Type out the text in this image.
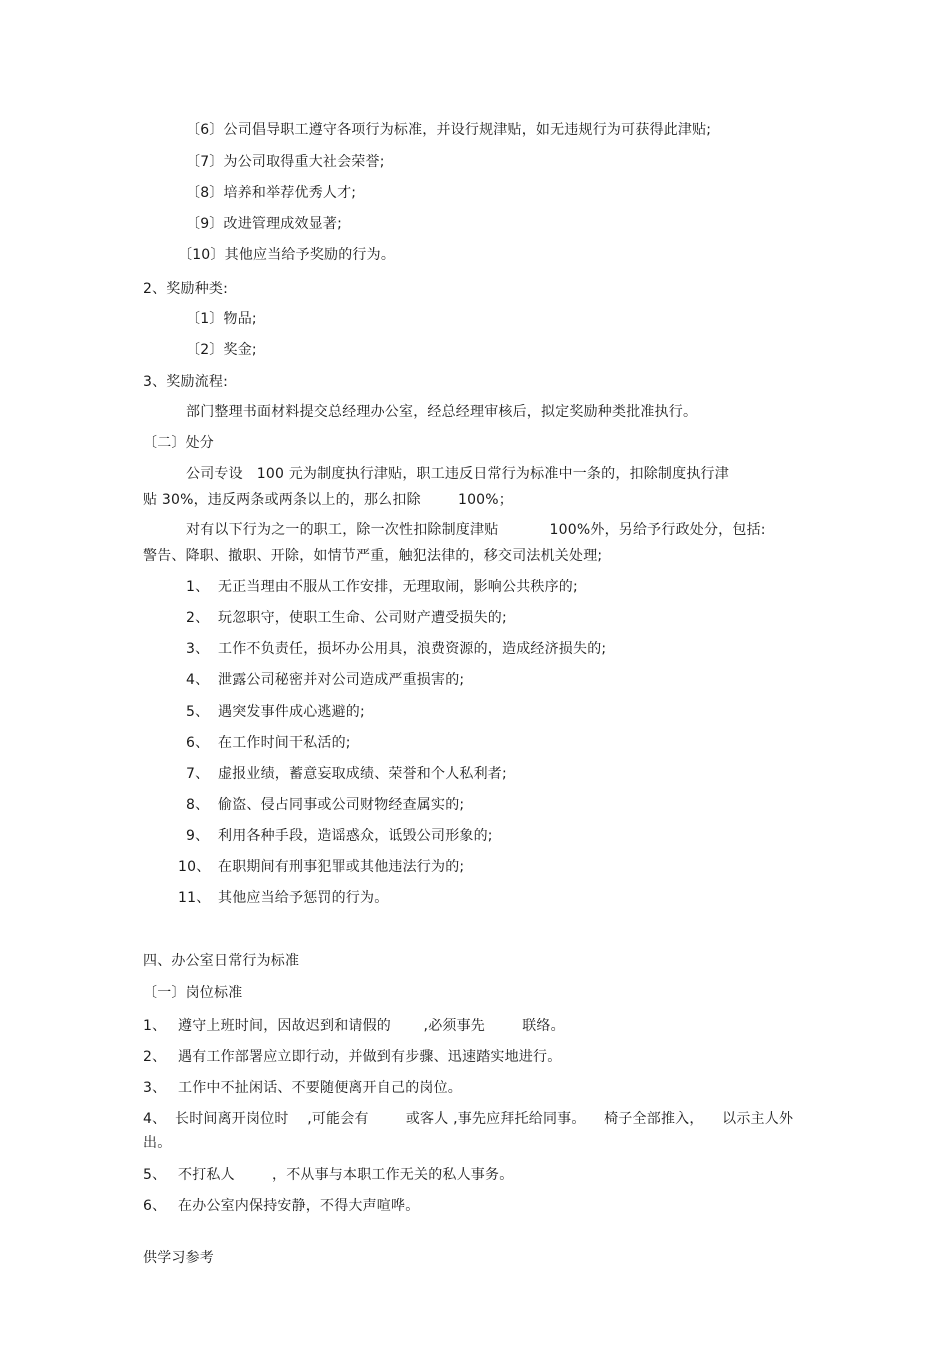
〔6〕公司倡导职工遵守各项行为标准，并设行规津贴，如无违规行为可获得此津贴;
〔7〕为公司取得重大社会荣誉;
〔8〕培养和举荐优秀人才;
〔9〕改进管理成效显著;
〔10〕其他应当给予奖励的行为。
2、奖励种类:
〔1〕物品;
〔2〕奖金;
3、奖励流程:
部门整理书面材料提交总经理办公室，经总经理审核后，拟定奖励种类批准执行。
〔二〕处分
公司专设   100 元为制度执行津贴，职工违反日常行为标准中一条的，扣除制度执行津
贴 30%，违反两条或两条以上的，那么扣除        100%；
对有以下行为之一的职工，除一次性扣除制度津贴           100%外，另给予行政处分，包括:
警告、降职、撤职、开除，如情节严重，触犯法律的，移交司法机关处理;
1、 无正当理由不服从工作安排，无理取闹，影响公共秩序的;
2、 玩忽职守，使职工生命、公司财产遭受损失的;
3、 工作不负责任，损坏办公用具，浪费资源的，造成经济损失的;
4、 泄露公司秘密并对公司造成严重损害的;
5、 遇突发事件成心逃避的;
6、 在工作时间干私活的;
7、 虚报业绩，蓄意妄取成绩、荣誉和个人私利者;
8、 偷盗、侵占同事或公司财物经查属实的;
9、 利用各种手段，造谣惑众，诋毁公司形象的;
10、 在职期间有刑事犯罪或其他违法行为的;
11、 其他应当给予惩罚的行为。
四、办公室日常行为标准
〔一〕岗位标准
1、 遵守上班时间，因故迟到和请假的       ,必须事先        联络。
2、 遇有工作部署应立即行动，并做到有步骤、迅速踏实地进行。
3、 工作中不扯闲话、不要随便离开自己的岗位。
4、 长时间离开岗位时    ,可能会有        或客人 ,事先应拜托给同事。    椅子全部推入，    以示主人外
出。
5、 不打私人        ，不从事与本职工作无关的私人事务。
6、 在办公室内保持安静，不得大声喧哗。
供学习参考
